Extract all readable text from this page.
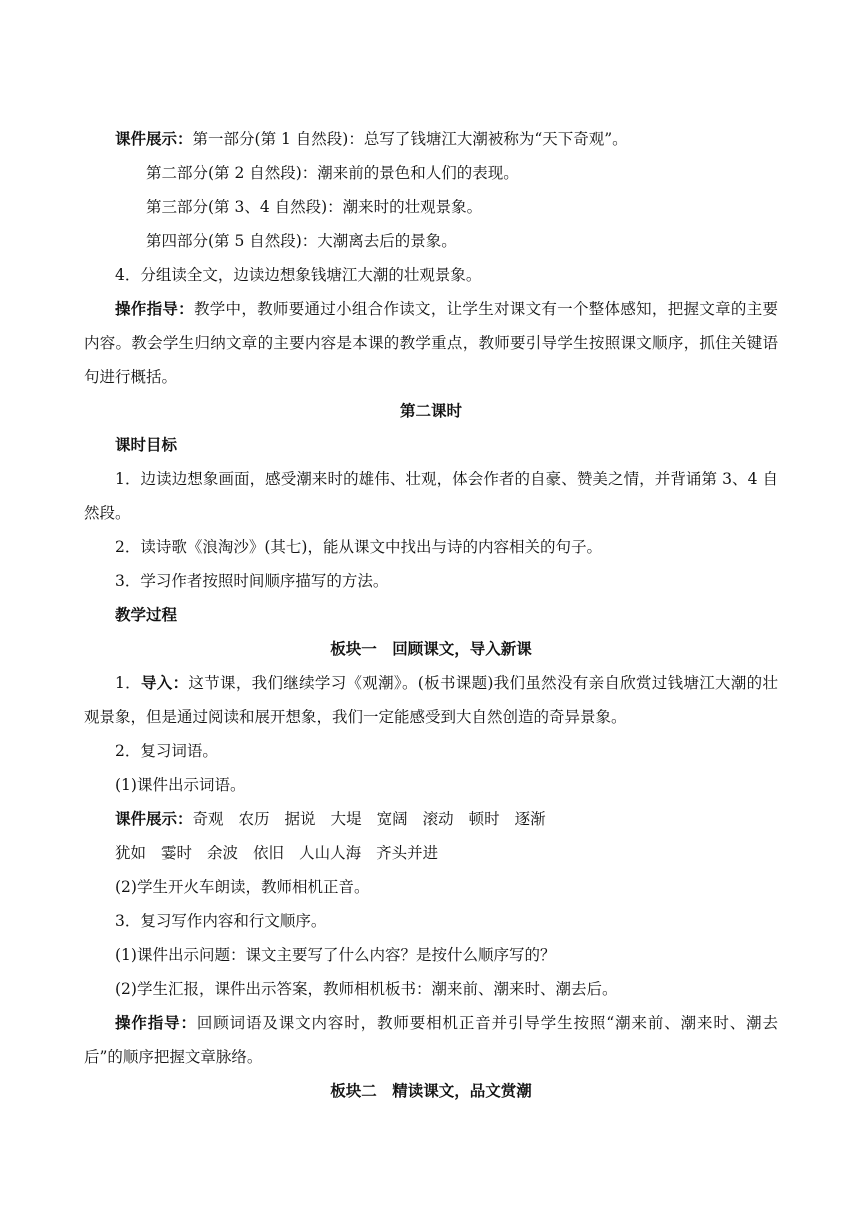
课件展示：第一部分(第 1 自然段)：总写了钱塘江大潮被称为“天下奇观”。

第二部分(第 2 自然段)：潮来前的景色和人们的表现。

第三部分(第 3、4 自然段)：潮来时的壮观景象。

第四部分(第 5 自然段)：大潮离去后的景象。

4．分组读全文，边读边想象钱塘江大潮的壮观景象。

操作指导：教学中，教师要通过小组合作读文，让学生对课文有一个整体感知，把握文章的主要内容。教会学生归纳文章的主要内容是本课的教学重点，教师要引导学生按照课文顺序，抓住关键语句进行概括。

第二课时

课时目标

1．边读边想象画面，感受潮来时的雄伟、壮观，体会作者的自豪、赞美之情，并背诵第 3、4 自然段。

2．读诗歌《浪淘沙》(其七)，能从课文中找出与诗的内容相关的句子。

3．学习作者按照时间顺序描写的方法。

教学过程

板块一　回顾课文，导入新课

1．导入：这节课，我们继续学习《观潮》。(板书课题)我们虽然没有亲自欣赏过钱塘江大潮的壮观景象，但是通过阅读和展开想象，我们一定能感受到大自然创造的奇异景象。

2．复习词语。

(1)课件出示词语。

课件展示：奇观 农历 据说 大堤 宽阔 滚动 顿时 逐渐

犹如 霎时 余波 依旧 人山人海 齐头并进

(2)学生开火车朗读，教师相机正音。

3．复习写作内容和行文顺序。

(1)课件出示问题：课文主要写了什么内容？是按什么顺序写的？

(2)学生汇报，课件出示答案，教师相机板书：潮来前、潮来时、潮去后。

操作指导：回顾词语及课文内容时，教师要相机正音并引导学生按照“潮来前、潮来时、潮去后”的顺序把握文章脉络。

板块二　精读课文，品文赏潮
